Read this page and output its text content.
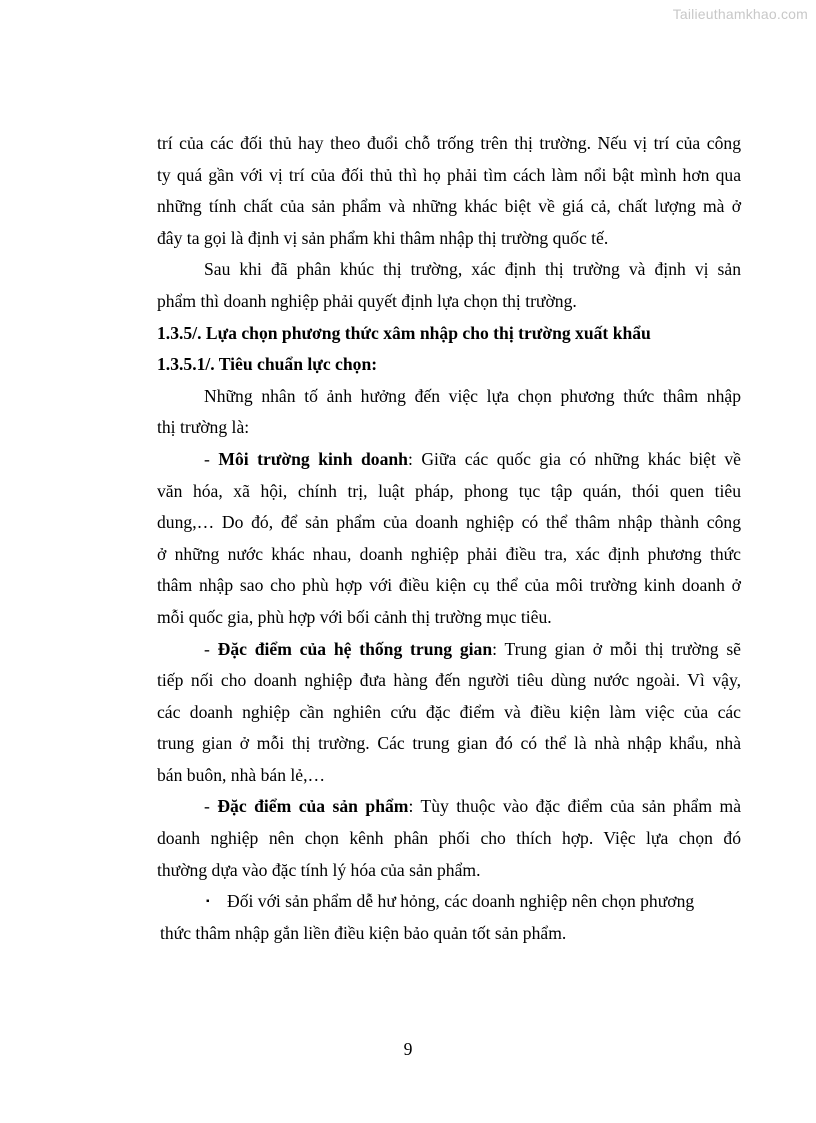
Tailieuthamkhao.com
trí của các đối thủ hay theo đuổi chỗ trống trên thị trường. Nếu vị trí của công
ty quá gần với vị trí của đối thủ thì họ phải tìm cách làm nổi bật mình hơn qua
những tính chất của sản phẩm và những khác biệt về giá cả, chất lượng mà ở
đây ta gọi là định vị sản phẩm khi thâm nhập thị trường quốc tế.
Sau khi đã phân khúc thị trường, xác định thị trường và định vị sản
phẩm thì doanh nghiệp phải quyết định lựa chọn thị trường.
1.3.5/. Lựa chọn phương thức xâm nhập cho thị trường xuất khẩu
1.3.5.1/. Tiêu chuẩn lực chọn:
Những nhân tố ảnh hưởng đến việc lựa chọn phương thức thâm nhập
thị trường là:
- Môi trường kinh doanh: Giữa các quốc gia có những khác biệt về
văn hóa, xã hội, chính trị, luật pháp, phong tục tập quán, thói quen tiêu
dung,… Do đó, để sản phẩm của doanh nghiệp có thể thâm nhập thành công
ở những nước khác nhau, doanh nghiệp phải điều tra, xác định phương thức
thâm nhập sao cho phù hợp với điều kiện cụ thể của môi trường kinh doanh ở
mỗi quốc gia, phù hợp với bối cảnh thị trường mục tiêu.
- Đặc điểm của hệ thống trung gian: Trung gian ở mỗi thị trường sẽ
tiếp nối cho doanh nghiệp đưa hàng đến người tiêu dùng nước ngoài. Vì vậy,
các doanh nghiệp cần nghiên cứu đặc điểm và điều kiện làm việc của các
trung gian ở mỗi thị trường. Các trung gian đó có thể là nhà nhập khẩu, nhà
bán buôn, nhà bán lẻ,…
- Đặc điểm của sản phẩm: Tùy thuộc vào đặc điểm của sản phẩm mà
doanh nghiệp nên chọn kênh phân phối cho thích hợp. Việc lựa chọn đó
thường dựa vào đặc tính lý hóa của sản phẩm.
▪ Đối với sản phẩm dễ hư hỏng, các doanh nghiệp nên chọn phương
thức thâm nhập gắn liền điều kiện bảo quản tốt sản phẩm.
9
